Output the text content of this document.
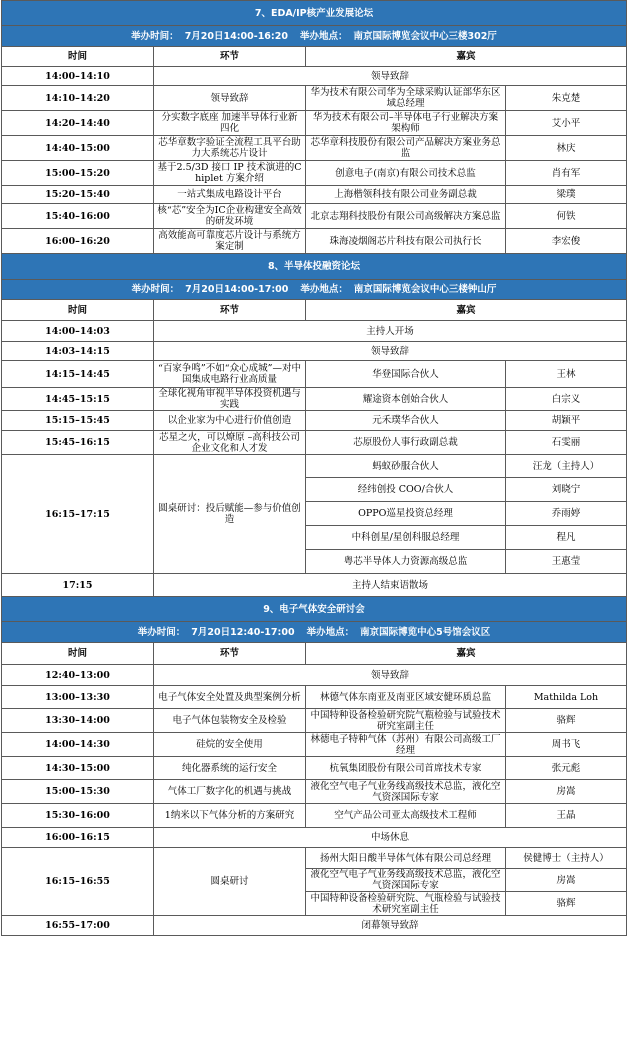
7、EDA/IP核产业发展论坛			
举办时间： 7月20日14:00-16:20 举办地点： 南京国际博览会议中心三楼302厅			
时间	环节	嘉宾	
14:00–14:10	领导致辞		
14:10–14:20	领导致辞	华为技术有限公司华为全球采购认证部华东区域总经理	朱克楚
14:20–14:40	分实数字底座 加速半导体行业新四化	华为技术有限公司–半导体电子行业解决方案架构师	艾小平
14:40–15:00	芯华章数字验证全流程工具平台助力大系统芯片设计	芯华章科技股份有限公司产品解决方案业务总监	林庆
15:00–15:20	基于2.5/3D 接口 IP 技术演进的Chiplet 方案介绍	创意电子(南京)有限公司技术总监	肖有军
15:20–15:40	一站式集成电路设计平台	上海楷领科技有限公司业务副总裁	梁璞
15:40–16:00	核“芯”安全为IC企业构建安全高效的研发环境	北京志翔科技股份有限公司高级解决方案总监	何铁
16:00–16:20	高效能高可靠度芯片设计与系统方案定制	珠海凌烟阁芯片科技有限公司执行长	李宏俊
8、半导体投融资论坛			
举办时间： 7月20日14:00-17:00 举办地点： 南京国际博览会议中心三楼钟山厅			
时间	环节	嘉宾	
14:00–14:03	主持人开场		
14:03–14:15	领导致辞		
14:15–14:45	“百家争鸣”不如“众心成城”—对中国集成电路行业高质量	华登国际合伙人	王林
14:45–15:15	全球化视角审视半导体投资机遇与实践	耀途资本创始合伙人	白宗义
15:15–15:45	以企业家为中心进行价值创造	元禾璞华合伙人	胡颖平
15:45–16:15	芯星之火，可以燎原 –高科技公司企业文化和人才发	芯原股份人事行政副总裁	石雯丽
16:15–17:15	圆桌研讨：投后赋能—参与价值创造	蚂蚁砂服合伙人	汪龙（主持人）
		经纬创投 COO/合伙人	刘晓宁
		OPPO巡星投资总经理	乔雨婷
		中科创星/星创科服总经理	程凡
		粤芯半导体人力资源高级总监	王惠莹
17:15	主持人结束语散场		
9、电子气体安全研讨会			
举办时间： 7月20日12:40-17:00 举办地点： 南京国际博览中心5号馆会议区			
时间	环节	嘉宾	
12:40–13:00	领导致辞		
13:00–13:30	电子气体安全处置及典型案例分析	林德气体东南亚及南亚区域安健环质总监	Mathilda Loh
13:30–14:00	电子气体包装物安全及检验	中国特种设备检验研究院气瓶检验与试验技术研究室副主任	骆辉
14:00–14:30	硅烷的安全使用	林德电子特种气体（苏州）有限公司高级工厂经理	周书飞
14:30–15:00	纯化器系统的运行安全	杭氧集团股份有限公司首席技术专家	张元彪
15:00–15:30	气体工厂数字化的机遇与挑战	液化空气电子气业务线高级技术总监，液化空气资深国际专家	房嵩
15:30–16:00	1纳米以下气体分析的方案研究	空气产品公司亚太高级技术工程师	王晶
16:00–16:15	中场休息		
16:15–16:55	圆桌研讨	扬州大阳日酸半导体气体有限公司总经理	侯健博士（主持人）
		液化空气电子气业务线高级技术总监，液化空气资深国际专家	房嵩
		中国特种设备检验研究院、气瓶检验与试验技术研究室副主任	骆辉
16:55–17:00	闭幕领导致辞		
